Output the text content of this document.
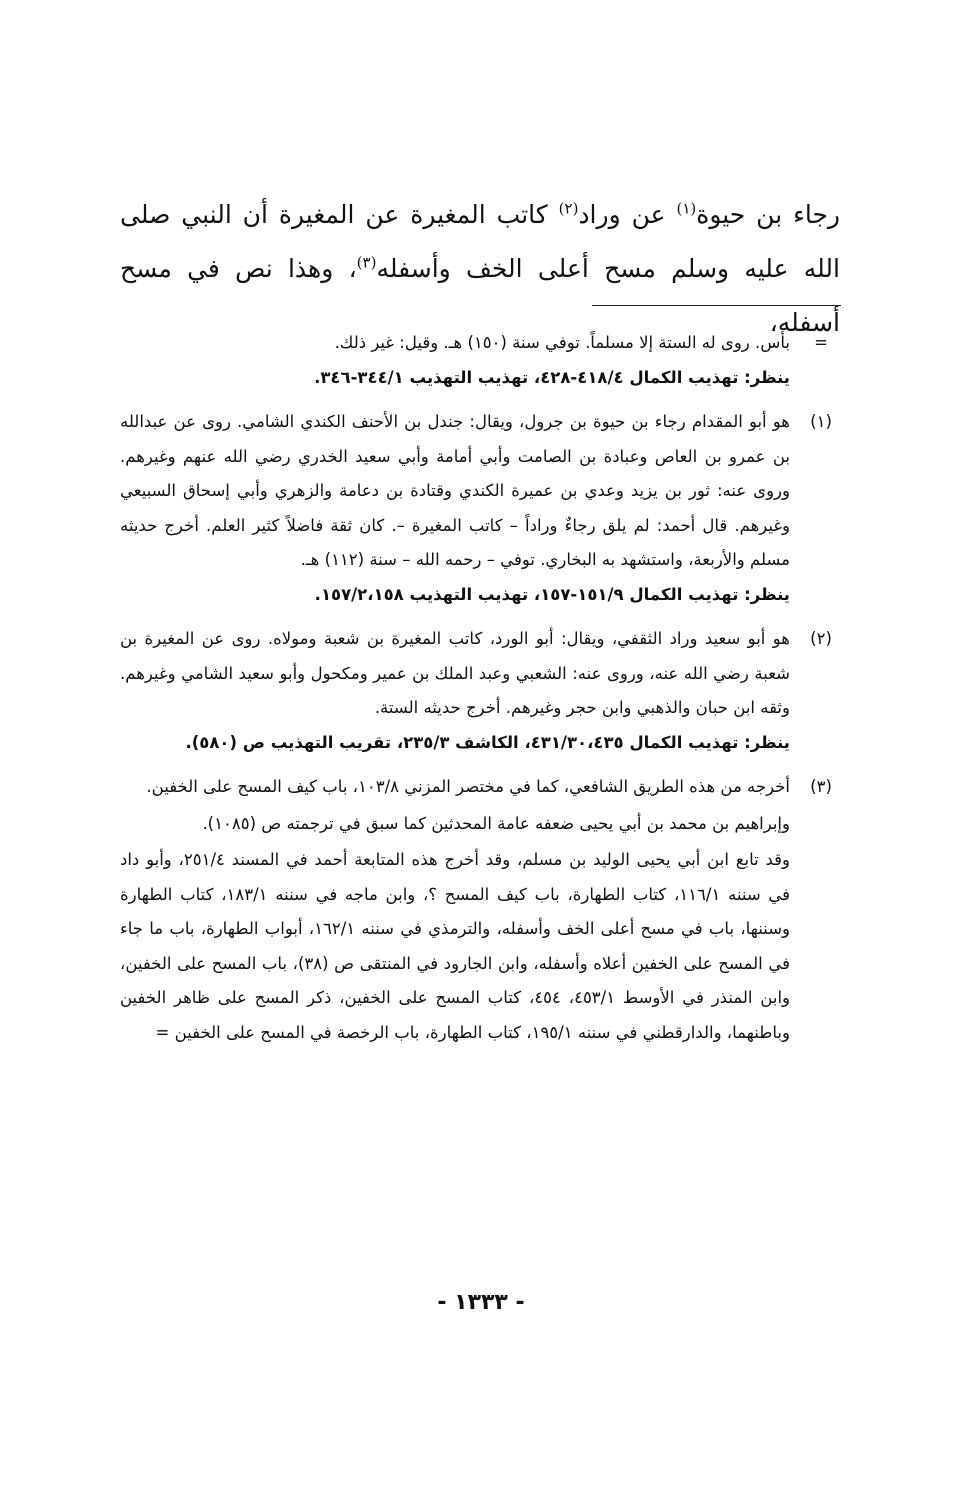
رجاء بن حيوة$^{(١)}$ عن وراد$^{(٢)}$ كاتب المغيرة عن المغيرة أن النبي صلى الله عليه وسلم مسح أعلى الخف وأسفله$^{(٣)}$، وهذا نص في مسح أسفله،

=

بأس. روى له الستة إلا مسلماً. توفي سنة (١٥٠) هـ. وقيل: غير ذلك.

ينظر: تهذيب الكمال ٤١٨/٤-٤٢٨، تهذيب التهذيب ٣٤٤/١-٣٤٦.

(١)

هو أبو المقدام رجاء بن حيوة بن جرول، ويقال: جندل بن الأحنف الكندي الشامي. روى عن عبدالله بن عمرو بن العاص وعبادة بن الصامت وأبي أمامة وأبي سعيد الخدري رضي الله عنهم وغيرهم. وروى عنه: ثور بن يزيد وعدي بن عميرة الكندي وقتادة بن دعامة والزهري وأبي إسحاق السبيعي وغيرهم. قال أحمد: لم يلق رجاءٌ وراداً – كاتب المغيرة –. كان ثقة فاضلاً كثير العلم. أخرج حديثه مسلم والأربعة، واستشهد به البخاري. توفي – رحمه الله – سنة (١١٢) هـ.

ينظر: تهذيب الكمال ١٥١/٩-١٥٧، تهذيب التهذيب ١٥٧/٢،١٥٨.

(٢)

هو أبو سعيد وراد الثقفي، ويقال: أبو الورد، كاتب المغيرة بن شعبة ومولاه. روى عن المغيرة بن شعبة رضي الله عنه، وروى عنه: الشعبي وعبد الملك بن عمير ومكحول وأبو سعيد الشامي وغيرهم. وثقه ابن حبان والذهبي وابن حجر وغيرهم. أخرج حديثه الستة.

ينظر: تهذيب الكمال ٤٣١/٣٠،٤٣٥، الكاشف ٢٣٥/٣، تقريب التهذيب ص (٥٨٠).

(٣)

أخرجه من هذه الطريق الشافعي، كما في مختصر المزني ١٠٣/٨، باب كيف المسح على الخفين.

وإبراهيم بن محمد بن أبي يحيى ضعفه عامة المحدثين كما سبق في ترجمته ص (١٠٨٥).

وقد تابع ابن أبي يحيى الوليد بن مسلم، وقد أخرج هذه المتابعة أحمد في المسند ٢٥١/٤، وأبو داد في سننه ١١٦/١، كتاب الطهارة، باب كيف المسح ؟، وابن ماجه في سننه ١٨٣/١، كتاب الطهارة وسننها، باب في مسح أعلى الخف وأسفله، والترمذي في سننه ١٦٢/١، أبواب الطهارة، باب ما جاء في المسح على الخفين أعلاه وأسفله، وابن الجارود في المنتقى ص (٣٨)، باب المسح على الخفين، وابن المنذر في الأوسط ٤٥٣/١، ٤٥٤، كتاب المسح على الخفين، ذكر المسح على ظاهر الخفين وباطنهما، والدارقطني في سننه ١٩٥/١، كتاب الطهارة، باب الرخصة في المسح على الخفين =

- ١٣٣٣ -
